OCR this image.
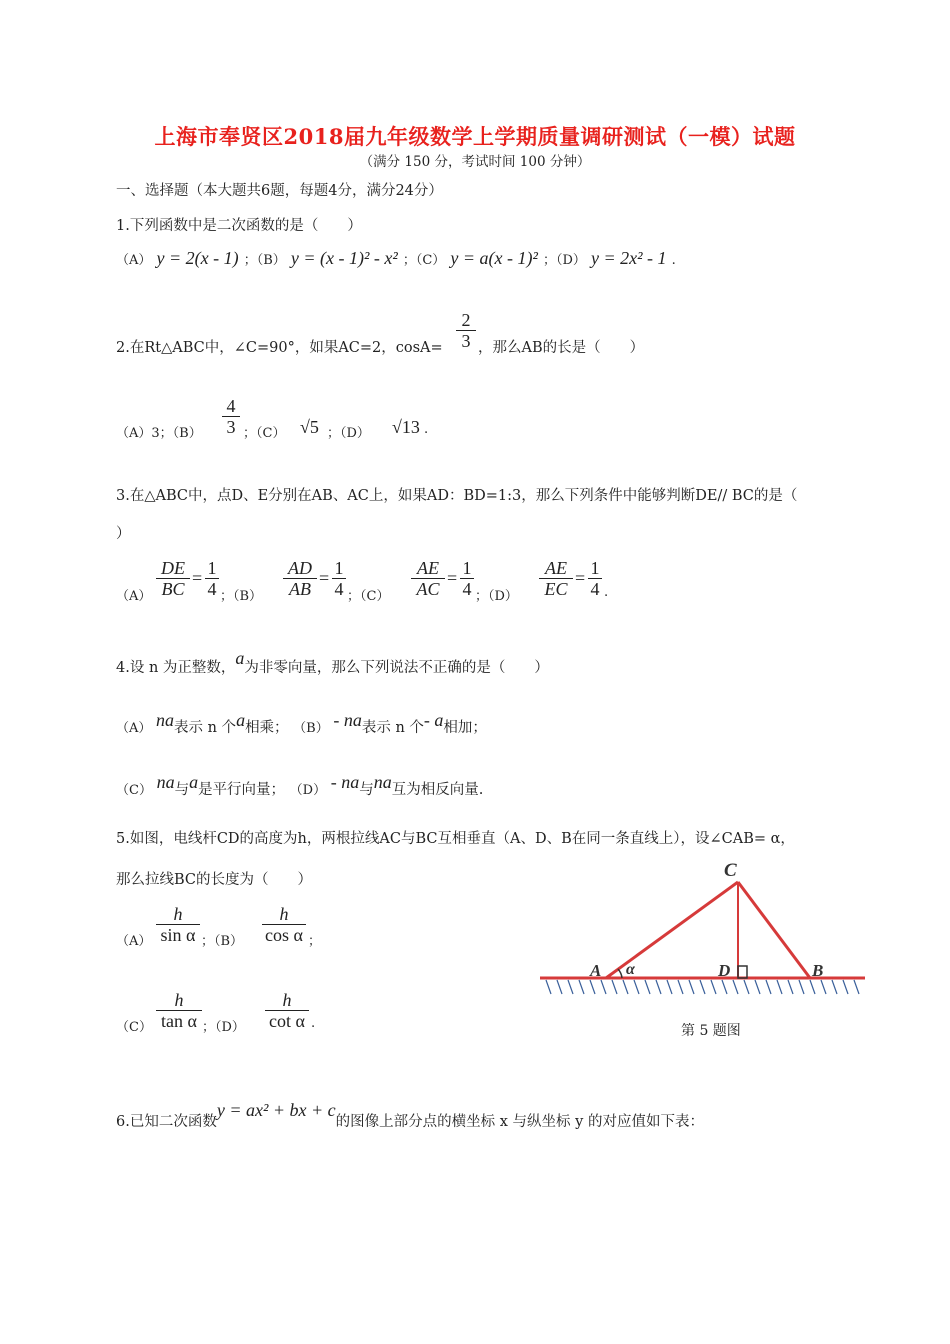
上海市奉贤区2018届九年级数学上学期质量调研测试（一模）试题
（满分 150 分，考试时间 100 分钟）
一、选择题（本大题共6题，每题4分，满分24分）
1.下列函数中是二次函数的是（　　）
（A） y = 2(x - 1) ；（B） y = (x - 1)² - x² ；（C） y = a(x - 1)² ；（D） y = 2x² - 1 .
2.在Rt△ABC中，∠C=90°，如果AC=2，$\cos A= \frac{2}{3}$ ，那么AB的长是（　　）
（A）3；$(B) \frac{4}{3}$ ；（C） √5 ；（D） √13 .
3.在△ABC中，点D、E分别在AB、AC上，如果AD：BD=1:3，那么下列条件中能够判断DE// BC的是（
）
$(A) \frac{DE}{BC} = \frac{1}{4}$ ；$(B) \frac{AD}{AB} = \frac{1}{4}$ ；$(C) \frac{AE}{AC} = \frac{1}{4}$ ；$(D) \frac{AE}{EC} = \frac{1}{4}$ .
4.设 n 为正整数，a为非零向量，那么下列说法不正确的是（　　）
（A） na表示 n 个a相乘； （B） - na表示 n 个- a相加；
（C） na与a是平行向量； （D） - na与na互为相反向量.
5.如图，电线杆CD的高度为h，两根拉线AC与BC互相垂直（A、D、B在同一条直线上），设∠CAB= α，
那么拉线BC的长度为（　　）
$(A) \frac{h}{\text{sin α}}$ ；$(B) \frac{h}{\text{cos α}}$ ；
$(C) \frac{h}{\text{tan α}}$ ；$(D) \frac{h}{\text{cot α}}$ .
C
A α	D	B
第 5 题图
6.已知二次函数y = ax² + bx + c的图像上部分点的横坐标 x 与纵坐标 y 的对应值如下表：
